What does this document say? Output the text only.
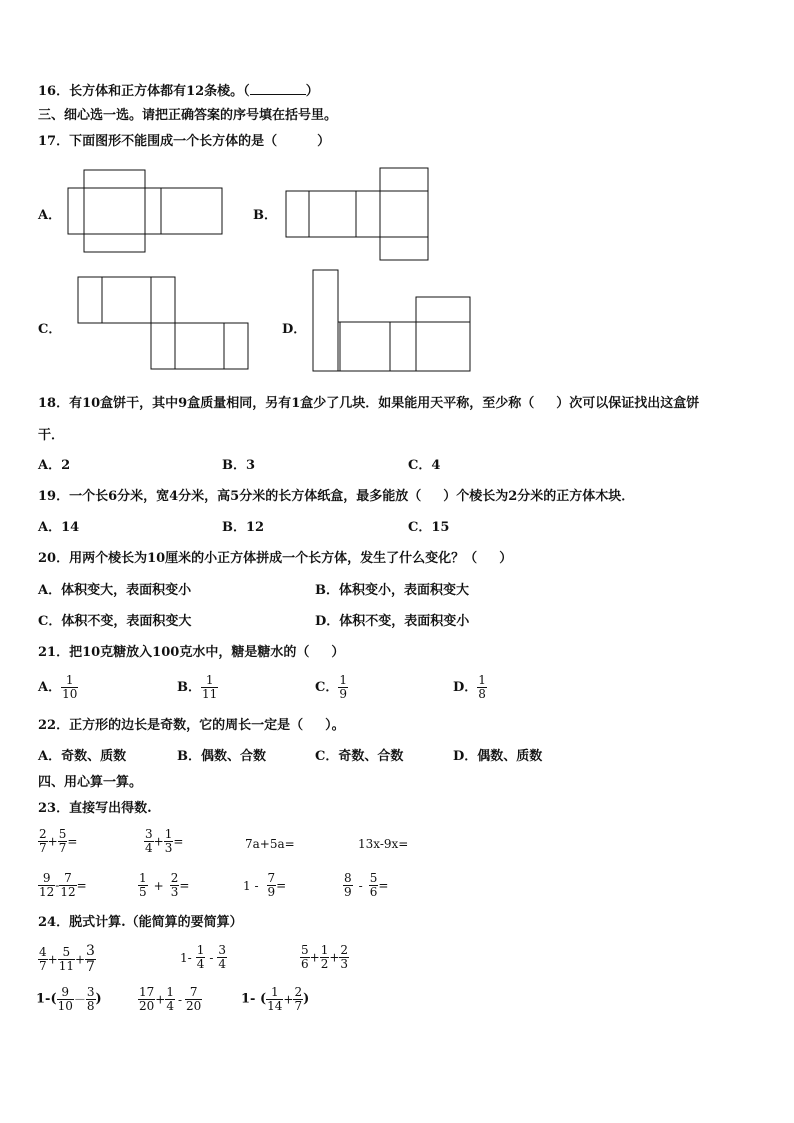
16．长方体和正方体都有12条棱。（	）
三、细心选一选。请把正确答案的序号填在括号里。
17．下面图形不能围成一个长方体的是（	）
A．	B．
C．	D．
18．有10盒饼干，其中9盒质量相同，另有1盒少了几块．如果能用天平称，至少称（ ）次可以保证找出这盒饼
干．
A．2	B．3	C．4
19．一个长6分米，宽4分米，高5分米的长方体纸盒，最多能放（ ）个棱长为2分米的正方体木块．
A．14	B．12	C．15
20．用两个棱长为10厘米的小正方体拼成一个长方体，发生了什么变化？（ ）
A．体积变大，表面积变小	B．体积变小，表面积变大
C．体积不变，表面积变大	D．体积不变，表面积变小
21．把10克糖放入100克水中，糖是糖水的（ ）
A． $\frac{1}{10}$	B． $\frac{1}{11}$	C． $\frac{1}{9}$	D． $\frac{1}{8}$
22．正方形的边长是奇数，它的周长一定是（ ）。
A．奇数、质数	B．偶数、合数	C．奇数、合数	D．偶数、质数
四、用心算一算。
23．直接写出得数.
$\frac{2}{7} + \frac{5}{7}$ =	$\frac{3}{4} + \frac{1}{3}$ =	7a+5a=	13x-9x=
$\frac{9}{12} - \frac{7}{12}$ =	$\frac{1}{5} + \frac{2}{3}$ =	$1 - \frac{7}{9}$ =	$\frac{8}{9} - \frac{5}{6}$ =
24．脱式计算.（能简算的要简算）
$\frac{4}{7} + \frac{5}{11} + \frac{3}{7}$	$1- \frac{1}{4} - \frac{3}{4}$	$\frac{5}{6} + \frac{1}{2} + \frac{2}{3}$
$1-( \frac{9}{10} - \frac{3}{8}$ )	$\frac{17}{20} + \frac{1}{4} - \frac{7}{20}$	1- ( $\frac{1}{14} + \frac{2}{7}$ )
